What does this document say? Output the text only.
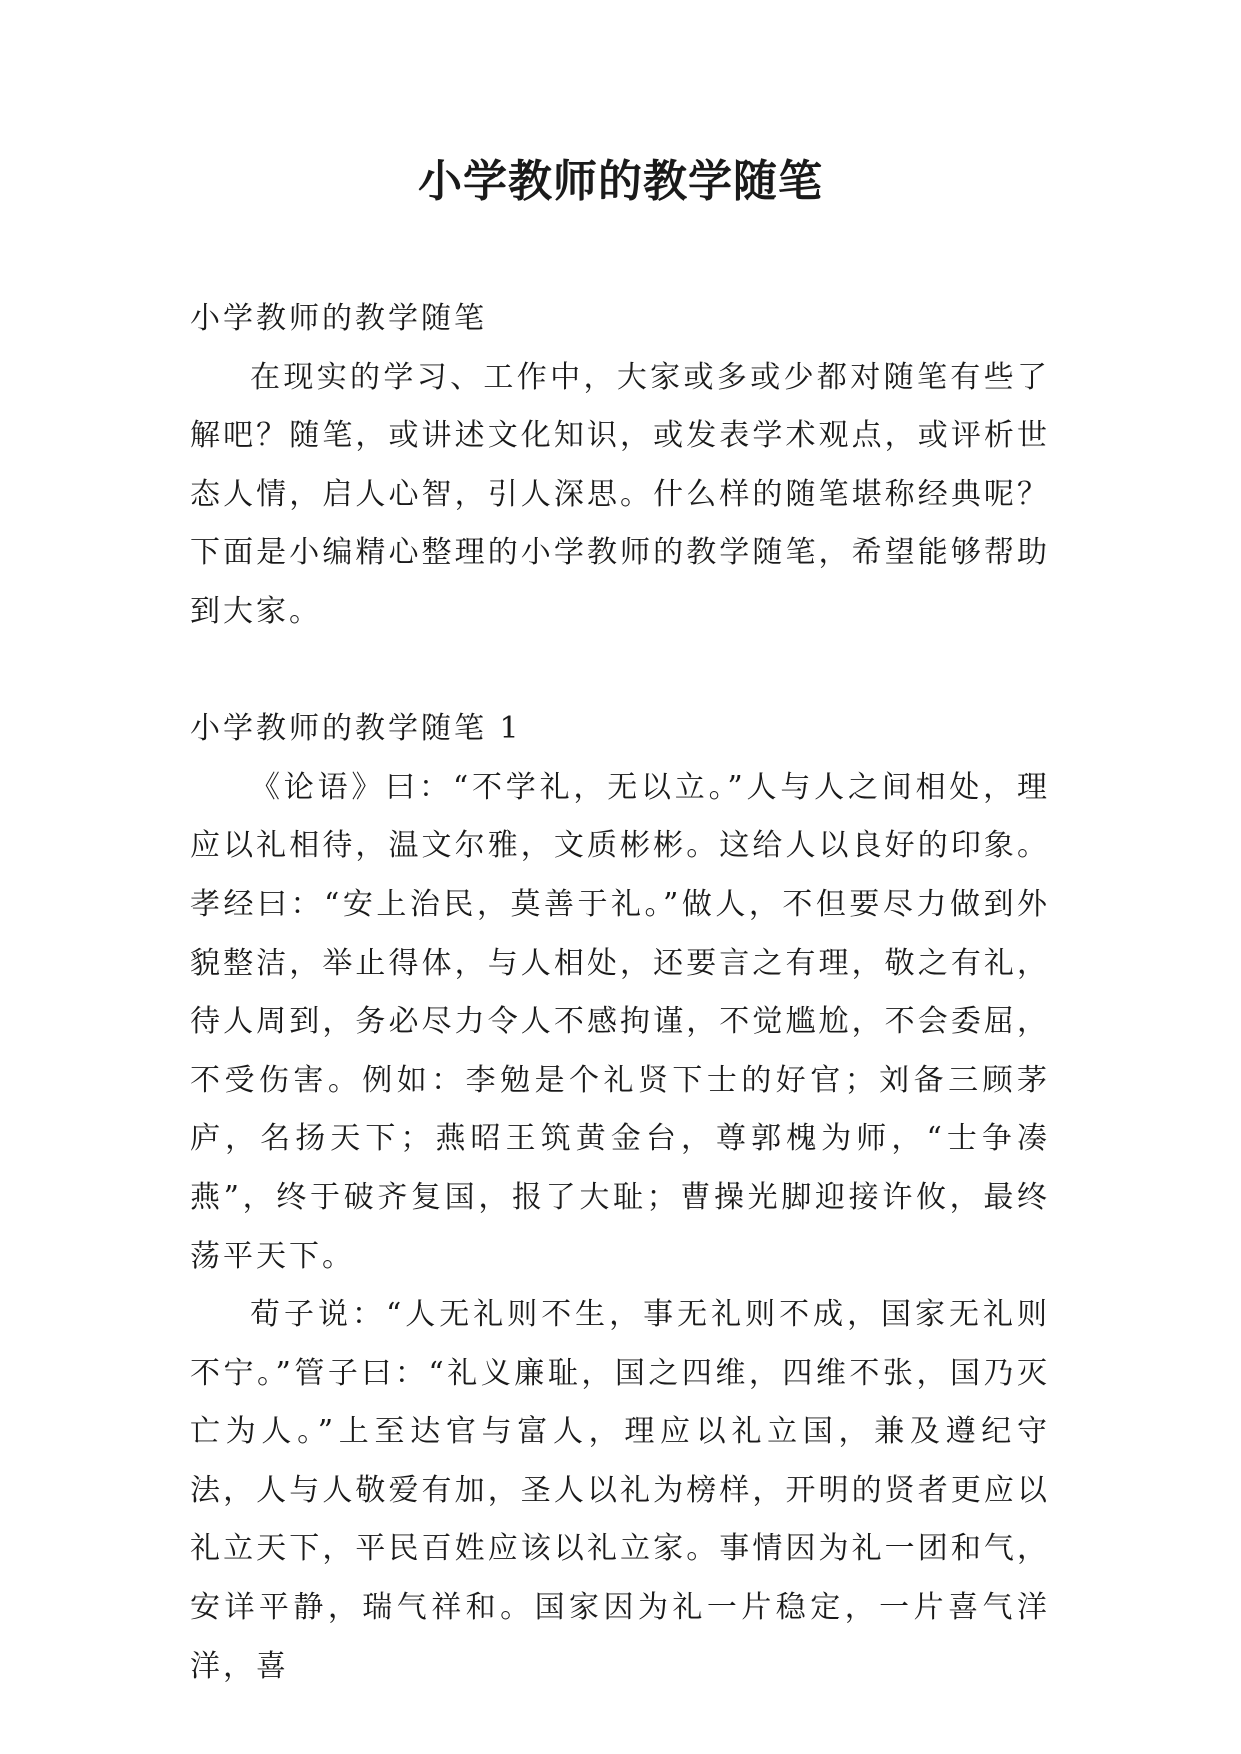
小学教师的教学随笔

小学教师的教学随笔

在现实的学习、工作中，大家或多或少都对随笔有些了解吧？随笔，或讲述文化知识，或发表学术观点，或评析世态人情，启人心智，引人深思。什么样的随笔堪称经典呢？下面是小编精心整理的小学教师的教学随笔，希望能够帮助到大家。

小学教师的教学随笔 1

《论语》曰：“不学礼，无以立。”人与人之间相处，理应以礼相待，温文尔雅，文质彬彬。这给人以良好的印象。孝经曰：“安上治民，莫善于礼。”做人，不但要尽力做到外貌整洁，举止得体，与人相处，还要言之有理，敬之有礼，待人周到，务必尽力令人不感拘谨，不觉尴尬，不会委屈，不受伤害。例如：李勉是个礼贤下士的好官；刘备三顾茅庐，名扬天下；燕昭王筑黄金台，尊郭槐为师，“士争凑燕”，终于破齐复国，报了大耻；曹操光脚迎接许攸，最终荡平天下。

荀子说：“人无礼则不生，事无礼则不成，国家无礼则不宁。”管子曰：“礼义廉耻，国之四维，四维不张，国乃灭亡为人。”上至达官与富人，理应以礼立国，兼及遵纪守法，人与人敬爱有加，圣人以礼为榜样，开明的贤者更应以礼立天下，平民百姓应该以礼立家。事情因为礼一团和气，安详平静，瑞气祥和。国家因为礼一片稳定，一片喜气洋洋，喜
